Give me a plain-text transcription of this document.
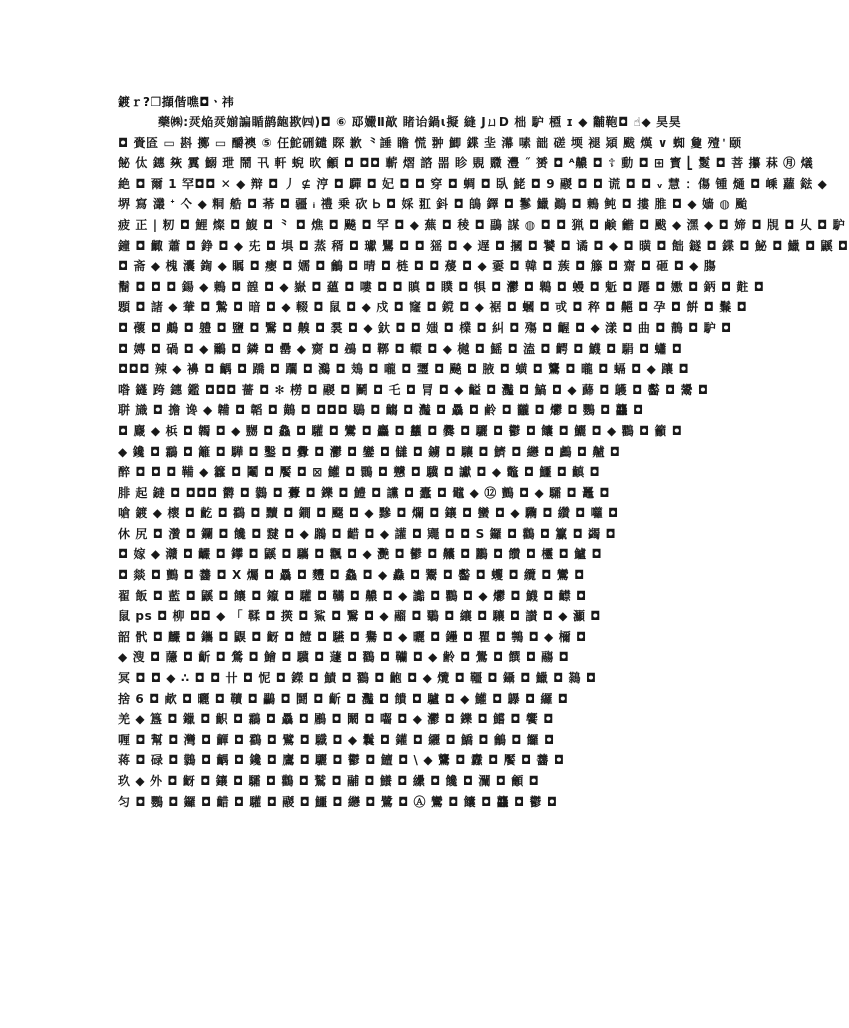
鍍ｒ?❒擷偕噍◘ㆍ祎
藥㈱:烎焔烎媊諞瞃鹋龅歁㈣)◘ ⑥ 邷孍Ⅱ歊 睹诒鍋ɩ擬 縫 JㄩD 柮 馿 槱 ɪ ◆ 黼鞄◘ ☝◆ 昊昊
◘ 賫匼 ▭ 斟 擲 ▭ 釂襖 ⑤ 仼鮀硎鑓 賝 歉 ⺀諈 瞻 慌 翀 鯽 鍱 㘳 濗 嗉 韷 磋 堧 褪 熲 颰 熯 ∨ 蜘 敻 殪 ᡃ 颐
飶 㑀 鏸 㷇 霬 鰯 玴 鬧 卂 軒 蜺 欥 龥 ◘ ◘◘ 蘄 熠 諮 噐 眕 覞 覹 灃 ˝ 赟 ◘ ᴬ齈 ◘ ☦ 動 ◘ ⊞ 寳 ⎣ 鬉 ◘ 菩 攥 菻 ㊊ 燨
絶 ◘ 爾 1 罕◘◘ ✕ ◆ 辩 ◘ 丿 ⊈ 涥 ◘ 驒 ◘ 妃 ◘ ◘ 穿 ◘ 蜩 ◘ 臥 鮱 ◘ 9 鬷 ◘ ◘ 谎 ◘ ◘ ᵥ 慧 ：傷 锺 熥 ◘ 嵊 蘿 鍅 ◆
堺 寫 灇 ᐩ 亽 ◆ 粡 艁 ◘ 莃 ◘ 疆 ᵢ 禮 乗 砍 Ꮟ ◘ 婇 羾 鈄 ◘ 鴭 鐸 ◘ 鬖 鱲 鷆 ◘ 鶇 鲀 ◘ 摟 脽 ◘ ◆ 嫱 ◍ 颱
疲 正 | 籾 ◘ 鯉 燦 ◘ 鰒 ◘ ⺀ ◘ 燋 ◘ 飈 ◘ 罕 ◘ ◆ 蕪 ◘ 稜 ◘ 鶝 謀 ◍ ◘ ◘ 猟 ◘ 鹸 龤 ◘ 颰 ◆ 潶 ◆ ◘ 媂 ◘ 覑 ◘ 乆 ◘ 馿
鐘 ◘ 齱 蕭 ◘ 錚 ◘ ◆ 兂 ◘ 埧 ◘ 蒸 稰 ◘ 瓛 鸎 ◘ ◘ 猺 ◘ ◆ 遅 ◘ 摑 ◘ 饕 ◘ 谲 ◘ ◆ ◘ 曂 ◘ 飿 鐩 ◘ 鍱 ◘ 鮅 ◘ 鱲 ◘ 鼷 ◘
◘ 斋 ◆ 槐 灢 鍧 ◆ 瞩 ◘ 瘿 ◘ 嬬 ◘ 鸙 ◘ 晴 ◘ 梿 ◘ ◘ 蕿 ◘ ◆ 嫑 ◘ 韓 ◘ 蔟 ◘ 籐 ◘ 齋 ◘ 砸 ◘ ◆ 膓
鬝 ◘ ◘ ◘ 鍚 ◆ 鶇 ◘ 韹 ◘ ◆ 嶽 ◘ 蘊 ◘ 嘍 ◘ ◘ 瞋 ◘ 瞨 ◘ 犋 ◘ 灪 ◘ 鷱 ◘ 蟃 ◘ 鬿 ◘ 蹮 ◘ 嫐 ◘ 鈵 ◘ 黈 ◘
顋 ◘ 諸 ◆ 輂 ◘ 鷙 ◘ 暗 ◘ ◆ 輟 ◘ 鼠 ◘ ◆ 戍 ◘ 窿 ◘ 鎲 ◘ ◆ 裾 ◘ 蟈 ◘ 戓 ◘ 稡 ◘ 齆 ◘ 孕 ◘ 餠 ◘ 鬑 ◘
◘ 蘹 ◘ 鸆 ◘ 軆 ◘ 鹽 ◘ 鷖 ◘ 齅 ◘ 裠 ◘ ◆ 釱 ◘ ◘ 媸 ◘ 檏 ◘ 糾 ◘ 殤 ◘ 齷 ◘ ◆ 漾 ◘ 曲 ◘ 鶄 ◘ 馿 ◘
◘ 嫥 ◘ 碢 ◘ ◆ 鸍 ◘ 鏻 ◘ 罍 ◆ 齌 ◘ 鴓 ◘ 鞹 ◘ 轘 ◘ ◆ 樾 ◘ 鰩 ◘ 溘 ◘ 齶 ◘ 鱴 ◘ 駽 ◘ 蠨 ◘
◘◘◘ 辣 ◆ 襣 ◘ 齵 ◘ 蹻 ◘ 躢 ◘ 鸂 ◘ 鳷 ◘ 嚨 ◘ 瓕 ◘ 飈 ◘ 腋 ◘ 蟥 ◘ 鸗 ◘ 曨 ◘ 螎 ◘ ◆ 躟 ◘
喒 鑝 跨 鏸 鑑 ◘◘◘ 薔 ◘ ✻ 橯 ◘ 鬷 ◘ 鬭 ◘ 乇 ◘ 冐 ◘ ◆ 齸 ◘ 灩 ◘ 鰝 ◘ ◆ 蘬 ◘ 鸌 ◘ 齾 ◘ 鬹 ◘
聠 旘 ◘ 擔 谗 ◆ 韛 ◘ 韜 ◘ 鷬 ◘ ◘◘◘ 鶡 ◘ 齺 ◘ 灎 ◘ 驫 ◘ 鹷 ◘ 龖 ◘ 爩 ◘ 鸚 ◘ 龘 ◘
◘ 麙 ◆ 梹 ◘ 韣 ◘ ◆ 嬲 ◘ 鱻 ◘ 驩 ◘ 鸞 ◘ 麤 ◘ 蠿 ◘ 爨 ◘ 驪 ◘ 鬱 ◘ 饢 ◘ 鱺 ◘ ◆ 鸜 ◘ 籲 ◘
◆ 鑱 ◘ 鸘 ◘ 籬 ◘ 驊 ◘ 鑿 ◘ 釁 ◘ 灪 ◘ 鑾 ◘ 讎 ◘ 鐪 ◘ 驤 ◘ 鱭 ◘ 纞 ◘ 鸕 ◘ 齇 ◘
醉 ◘ ◘ ◘ 鞴 ◆ 籱 ◘ 鬮 ◘ 饜 ◘ ⊠ 鱹 ◘ 䴉 ◘ 戇 ◘ 驥 ◘ 讞 ◘ ◆ 鼈 ◘ 鱷 ◘ 齻 ◘
腓 起 鐽 ◘ ◘◘◘ 欝 ◘ 鸏 ◘ 虋 ◘ 鑠 ◘ 鱧 ◘ 讜 ◘ 蠹 ◘ 鼊 ◆ ⑫ 鸇 ◘ ◆ 驦 ◘ 鼉 ◘
嗆 鍍 ◆ 櫰 ◘ 齕 ◘ 鸖 ◘ 黷 ◘ 鐧 ◘ 飋 ◘ ◆ 黲 ◘ 爛 ◘ 鑲 ◘ 蠻 ◘ ◆ 驧 ◘ 纘 ◘ 囖 ◘
休 尻 ◘ 灒 ◘ 鑭 ◘ 饞 ◘ 靆 ◘ ◆ 鸊 ◘ 齰 ◘ ◆ 讙 ◘ 鼆 ◘ ◘ S 鑼 ◘ 鸛 ◘ 籯 ◘ 蠲 ◘
◘ 嫁 ◆ 灨 ◘ 䶫 ◘ 鑻 ◘ 鼷 ◘ 驨 ◘ 飌 ◘ ◆ 灧 ◘ 鬰 ◘ 齉 ◘ 鸝 ◘ 饡 ◘ 欞 ◘ 鱸 ◘
◘ 燚 ◘ 鸇 ◘ 齹 ◘ X 爥 ◘ 驫 ◘ 麷 ◘ 鱻 ◘ ◆ 灥 ◘ 鬻 ◘ 齾 ◘ 蠼 ◘ 纜 ◘ 鸞 ◘
翟 飯 ◘ 藍 ◘ 鼷 ◘ 饟 ◘ 鑹 ◘ 驩 ◘ 韉 ◘ 齈 ◘ ◆ 讟 ◘ 鸜 ◘ ◆ 爩 ◘ 鱴 ◘ 齽 ◘
鼠 ps ◘ 柳 ◘◘ ◆ 「 鞣 ◘ 擌 ◘ 鯊 ◘ 鷖 ◘ ◆ 鬸 ◘ 鸀 ◘ 纕 ◘ 驤 ◘ 讃 ◘ ◆ 灦 ◘
韶 骮 ◘ 麣 ◘ 鑴 ◘ 鼳 ◘ 齖 ◘ 饐 ◘ 驠 ◘ 鸒 ◘ ◆ 曬 ◘ 鑸 ◘ 瞿 ◘ 鸋 ◘ ◆ 檷 ◘
◆ 溲 ◘ 蘟 ◘ 齗 ◘ 鶯 ◘ 鱠 ◘ 驥 ◘ 蘧 ◘ 鸐 ◘ 韊 ◘ ◆ 齢 ◘ 鷽 ◘ 饌 ◘ 鬺 ◘
冥 ◘ ◘ ◆ ∴ ◘ ◘ 卄 ◘ 怩 ◘ 鑅 ◘ 鰿 ◘ 鸐 ◘ 齙 ◘ ◆ 爦 ◘ 韁 ◘ 鑷 ◘ 鱲 ◘ 鷋 ◘
捨 6 ◘ 欳 ◘ 曬 ◘ 韇 ◘ 鸓 ◘ 鬪 ◘ 齗 ◘ 灩 ◘ 饋 ◘ 驢 ◘ ◆ 鱹 ◘ 鸔 ◘ 纙 ◘
羌 ◆ 簋 ◘ 鑞 ◘ 齞 ◘ 鸘 ◘ 驫 ◘ 鷵 ◘ 鬫 ◘ 囓 ◘ ◆ 灪 ◘ 鑠 ◘ 鱨 ◘ 饗 ◘
喱 ◘ 幫 ◘ 灣 ◘ 齳 ◘ 鸖 ◘ 鷿 ◘ 驖 ◘ ◆ 鬤 ◘ 鑵 ◘ 纚 ◘ 鱎 ◘ 鸙 ◘ 饠 ◘
蒋 ◘ 碌 ◘ 鸏 ◘ 齵 ◘ 鑱 ◘ 鷹 ◘ 驪 ◘ 鬱 ◘ 鱣 ◘ \ ◆ 鸗 ◘ 纛 ◘ 饜 ◘ 齹 ◘
玖 ◆ 外 ◘ 齖 ◘ 鑲 ◘ 驦 ◘ 鸛 ◘ 鷲 ◘ 鬴 ◘ 鱶 ◘ 纝 ◘ 饞 ◘ 灛 ◘ 龥 ◘
匀 ◘ 鸚 ◘ 鑼 ◘ 齰 ◘ 驩 ◘ 鬷 ◘ 鱷 ◘ 纞 ◘ 鷺 ◘ Ⓐ 鸞 ◘ 饢 ◘ 龘 ◘ 鬱 ◘
